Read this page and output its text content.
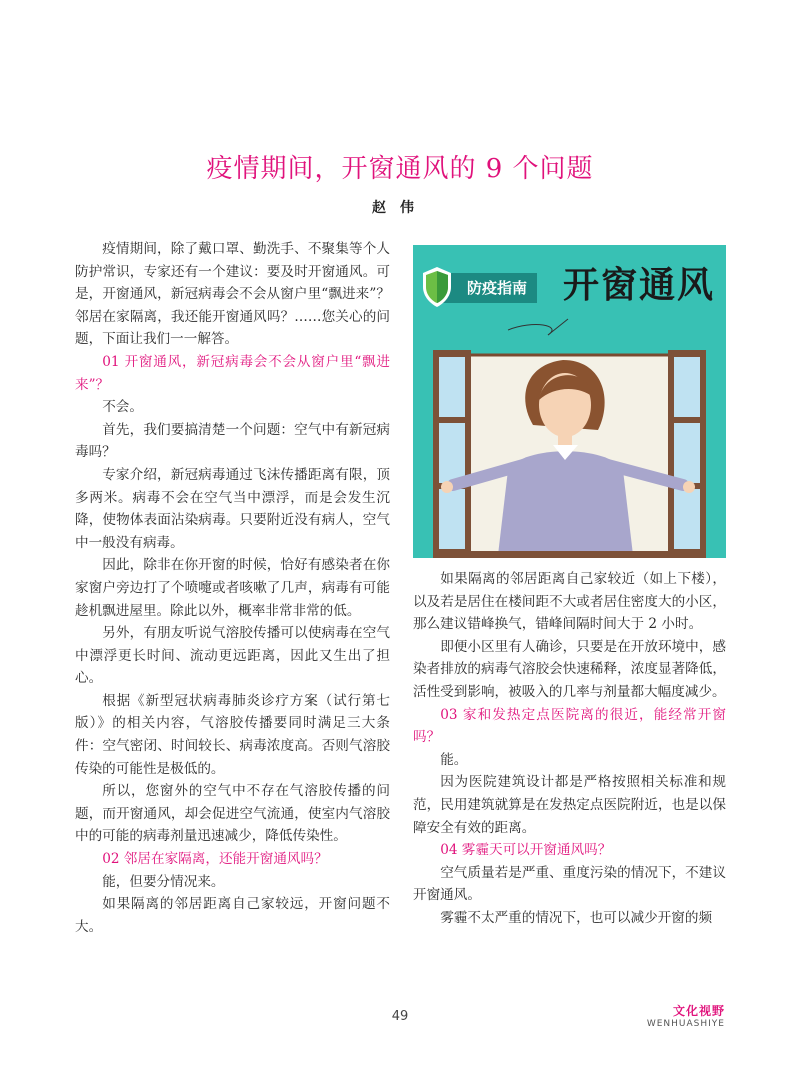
疫情期间，开窗通风的 9 个问题
赵伟

疫情期间，除了戴口罩、勤洗手、不聚集等个人防护常识，专家还有一个建议：要及时开窗通风。可是，开窗通风，新冠病毒会不会从窗户里“飘进来”？邻居在家隔离，我还能开窗通风吗？……您关心的问题，下面让我们一一解答。

01 开窗通风，新冠病毒会不会从窗户里“飘进来”？

不会。

首先，我们要搞清楚一个问题：空气中有新冠病毒吗？

专家介绍，新冠病毒通过飞沫传播距离有限，顶多两米。病毒不会在空气当中漂浮，而是会发生沉降，使物体表面沾染病毒。只要附近没有病人，空气中一般没有病毒。

因此，除非在你开窗的时候，恰好有感染者在你家窗户旁边打了个喷嚏或者咳嗽了几声，病毒有可能趁机飘进屋里。除此以外，概率非常非常的低。

另外，有朋友听说气溶胶传播可以使病毒在空气中漂浮更长时间、流动更远距离，因此又生出了担心。

根据《新型冠状病毒肺炎诊疗方案（试行第七版）》的相关内容，气溶胶传播要同时满足三大条件：空气密闭、时间较长、病毒浓度高。否则气溶胶传染的可能性是极低的。

所以，您窗外的空气中不存在气溶胶传播的问题，而开窗通风，却会促进空气流通，使室内气溶胶中的可能的病毒剂量迅速减少，降低传染性。

02 邻居在家隔离，还能开窗通风吗？

能，但要分情况来。

如果隔离的邻居距离自己家较远，开窗问题不大。

防疫指南 开窗通风

如果隔离的邻居距离自己家较近（如上下楼），以及若是居住在楼间距不大或者居住密度大的小区，那么建议错峰换气，错峰间隔时间大于 2 小时。

即便小区里有人确诊，只要是在开放环境中，感染者排放的病毒气溶胶会快速稀释，浓度显著降低，活性受到影响，被吸入的几率与剂量都大幅度减少。

03 家和发热定点医院离的很近，能经常开窗吗？

能。

因为医院建筑设计都是严格按照相关标准和规范，民用建筑就算是在发热定点医院附近，也是以保障安全有效的距离。

04 雾霾天可以开窗通风吗？

空气质量若是严重、重度污染的情况下，不建议开窗通风。

雾霾不太严重的情况下，也可以减少开窗的频

49	文化视野
WENHUASHIYE
